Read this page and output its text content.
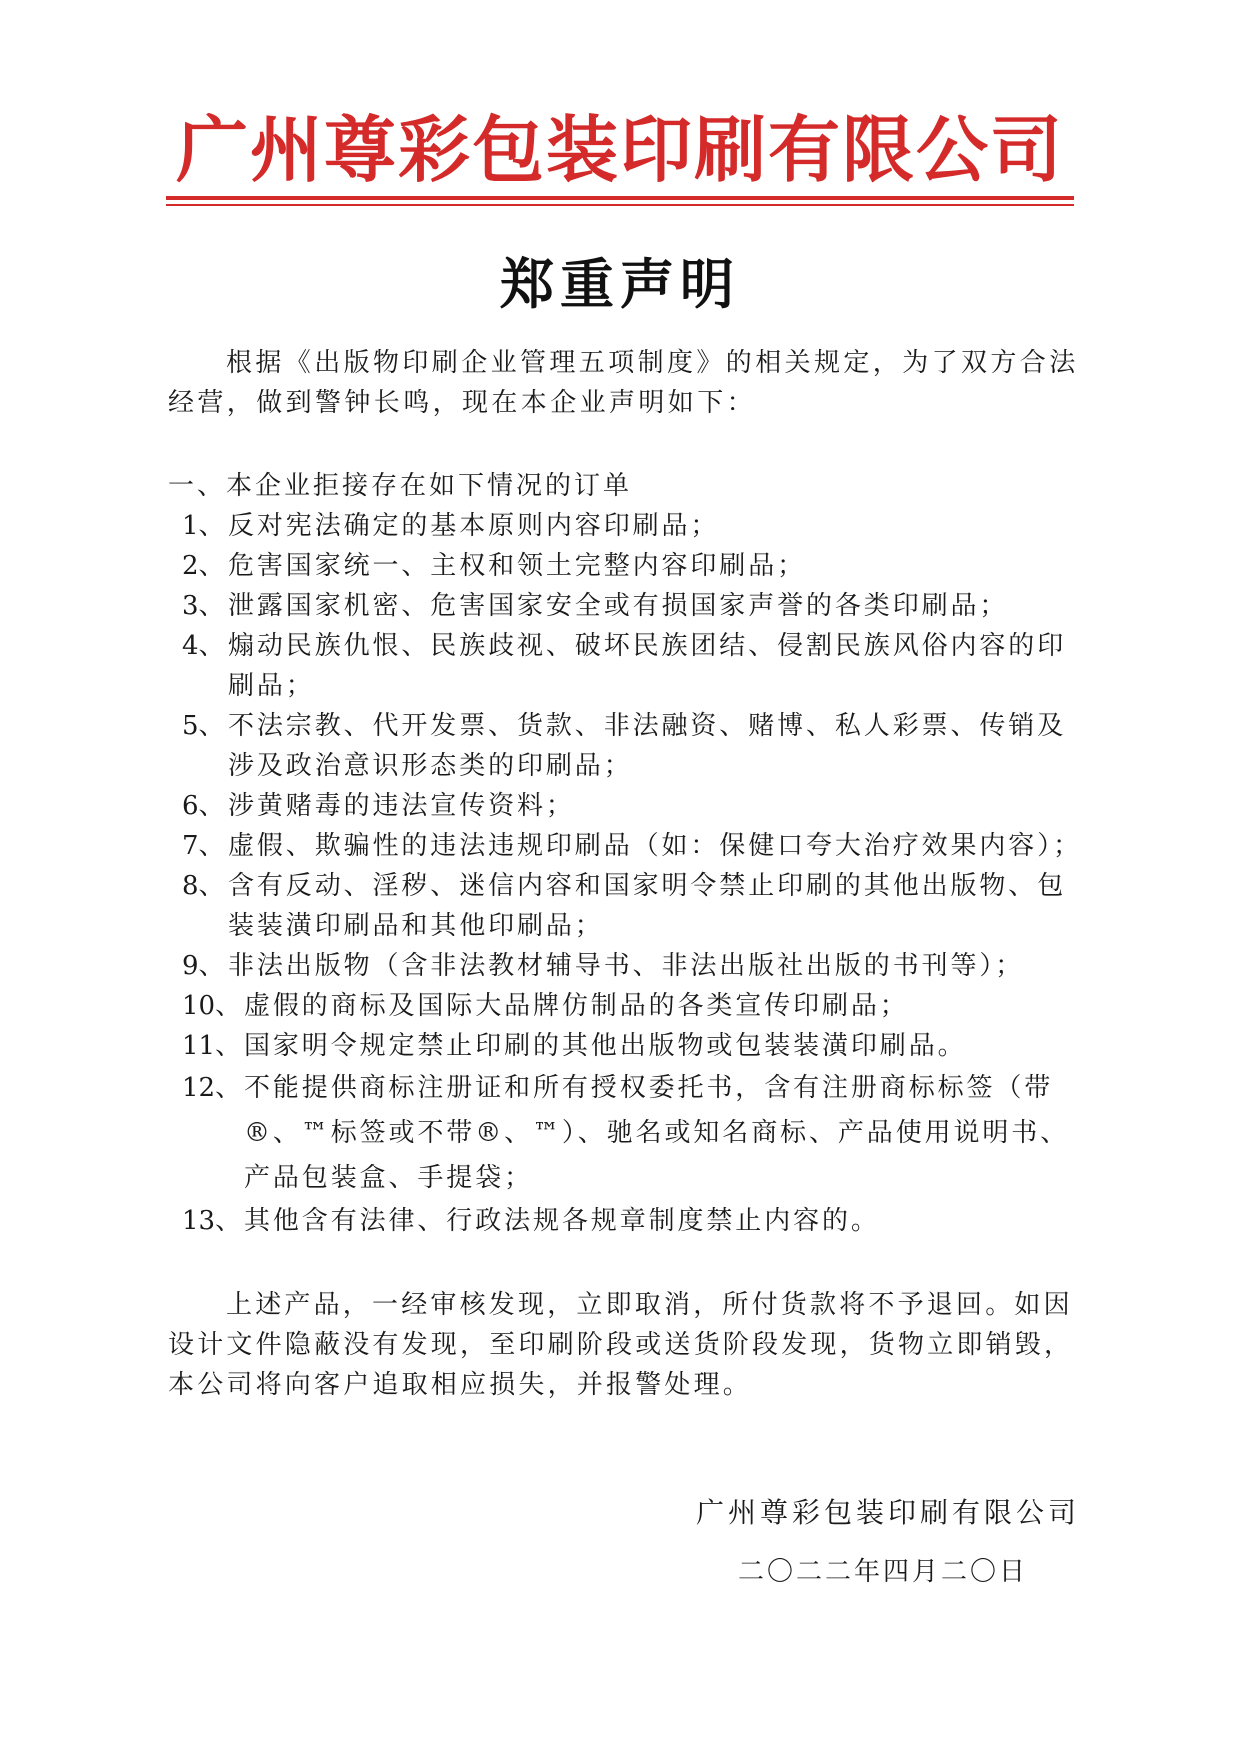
广州尊彩包装印刷有限公司
郑重声明
根据《出版物印刷企业管理五项制度》的相关规定，为了双方合法经营，做到警钟长鸣，现在本企业声明如下：
一、本企业拒接存在如下情况的订单
1、 反对宪法确定的基本原则内容印刷品；
2、 危害国家统一、主权和领土完整内容印刷品；
3、 泄露国家机密、危害国家安全或有损国家声誉的各类印刷品；
4、 煽动民族仇恨、民族歧视、破坏民族团结、侵割民族风俗内容的印刷品；
5、 不法宗教、代开发票、货款、非法融资、赌博、私人彩票、传销及涉及政治意识形态类的印刷品；
6、 涉黄赌毒的违法宣传资料；
7、 虚假、欺骗性的违法违规印刷品（如：保健口夸大治疗效果内容）；
8、 含有反动、淫秽、迷信内容和国家明令禁止印刷的其他出版物、包装装潢印刷品和其他印刷品；
9、 非法出版物（含非法教材辅导书、非法出版社出版的书刊等）；
10、 虚假的商标及国际大品牌仿制品的各类宣传印刷品；
11、 国家明令规定禁止印刷的其他出版物或包装装潢印刷品。
12、 不能提供商标注册证和所有授权委托书，含有注册商标标签（带®、™标签或不带®、™）、驰名或知名商标、产品使用说明书、产品包装盒、手提袋；
13、 其他含有法律、行政法规各规章制度禁止内容的。
上述产品，一经审核发现，立即取消，所付货款将不予退回。如因设计文件隐蔽没有发现，至印刷阶段或送货阶段发现，货物立即销毁，本公司将向客户追取相应损失，并报警处理。
广州尊彩包装印刷有限公司
二〇二二年四月二〇日
